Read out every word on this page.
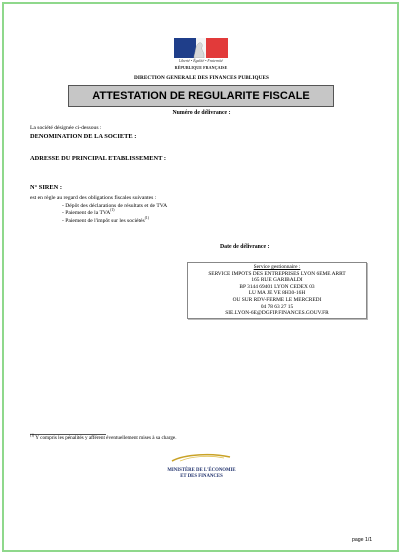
Liberté • Égalité • Fraternité
RÉPUBLIQUE FRANÇAISE
DIRECTION GENERALE DES FINANCES PUBLIQUES
ATTESTATION DE REGULARITE FISCALE
Numéro de délivrance :
La société désignée ci-dessous :
DENOMINATION DE LA SOCIETE :
ADRESSE DU PRINCIPAL ETABLISSEMENT :
N° SIREN :
est en règle au regard des obligations fiscales suivantes :
- Dépôt des déclarations de résultats et de TVA
- Paiement de la TVA$^{(1)}$
- Paiement de l'impôt sur les sociétés$^{(1)}$
Date de délivrance :
Service gestionnaire :
SERVICE IMPOTS DES ENTREPRISES LYON 6EME ARRT
165 RUE GARIBALDI
BP 3144 69401 LYON CEDEX 03
LU MA JE VE 8H30-16H
OU SUR RDV-FERME LE MERCREDI
04 78 63 27 15
SIE.LYON-6E@DGFIP.FINANCES.GOUV.FR
$^{(1)}$ Y compris les pénalités y afférent éventuellement mises à sa charge.
MINISTÈRE DE L'ÉCONOMIE
ET DES FINANCES
page 1/1
